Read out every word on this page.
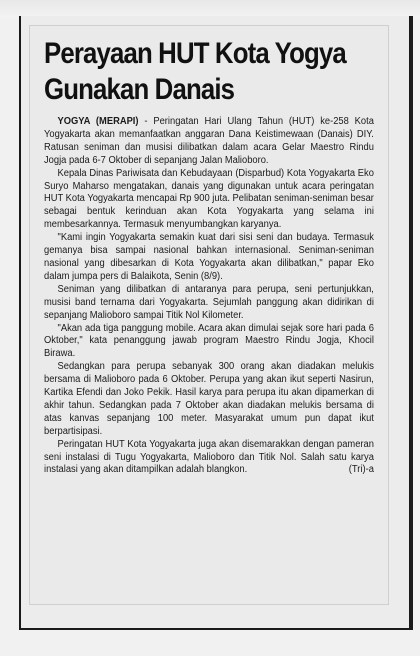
Perayaan HUT Kota Yogya Gunakan Danais

YOGYA (MERAPI) - Peringatan Hari Ulang Tahun (HUT) ke-258 Kota Yogyakarta akan memanfaatkan anggaran Dana Keistimewaan (Danais) DIY. Ratusan seniman dan musisi dilibatkan dalam acara Gelar Maestro Rindu Jogja pada 6-7 Oktober di sepanjang Jalan Malioboro.

Kepala Dinas Pariwisata dan Kebudayaan (Disparbud) Kota Yogyakarta Eko Suryo Maharso mengatakan, danais yang digunakan untuk acara peringatan HUT Kota Yogyakarta mencapai Rp 900 juta. Pelibatan seniman-seniman besar sebagai bentuk kerinduan akan Kota Yogyakarta yang selama ini membesarkannya. Termasuk menyumbangkan karyanya.

"Kami ingin Yogyakarta semakin kuat dari sisi seni dan budaya. Termasuk gemanya bisa sampai nasional bahkan internasional. Seniman-seniman nasional yang dibesarkan di Kota Yogyakarta akan dilibatkan," papar Eko dalam jumpa pers di Balaikota, Senin (8/9).

Seniman yang dilibatkan di antaranya para perupa, seni pertunjukkan, musisi band ternama dari Yogyakarta. Sejumlah panggung akan didirikan di sepanjang Malioboro sampai Titik Nol Kilometer.

"Akan ada tiga panggung mobile. Acara akan dimulai sejak sore hari pada 6 Oktober," kata penanggung jawab program Maestro Rindu Jogja, Khocil Birawa.

Sedangkan para perupa sebanyak 300 orang akan diadakan melukis bersama di Malioboro pada 6 Oktober. Perupa yang akan ikut seperti Nasirun, Kartika Efendi dan Joko Pekik. Hasil karya para perupa itu akan dipamerkan di akhir tahun. Sedangkan pada 7 Oktober akan diadakan melukis bersama di atas kanvas sepanjang 100 meter. Masyarakat umum pun dapat ikut berpartisipasi.

Peringatan HUT Kota Yogyakarta juga akan disemarakkan dengan pameran seni instalasi di Tugu Yogyakarta, Malioboro dan Titik Nol. Salah satu karya instalasi yang akan ditampilkan adalah blangkon.	(Tri)-a
